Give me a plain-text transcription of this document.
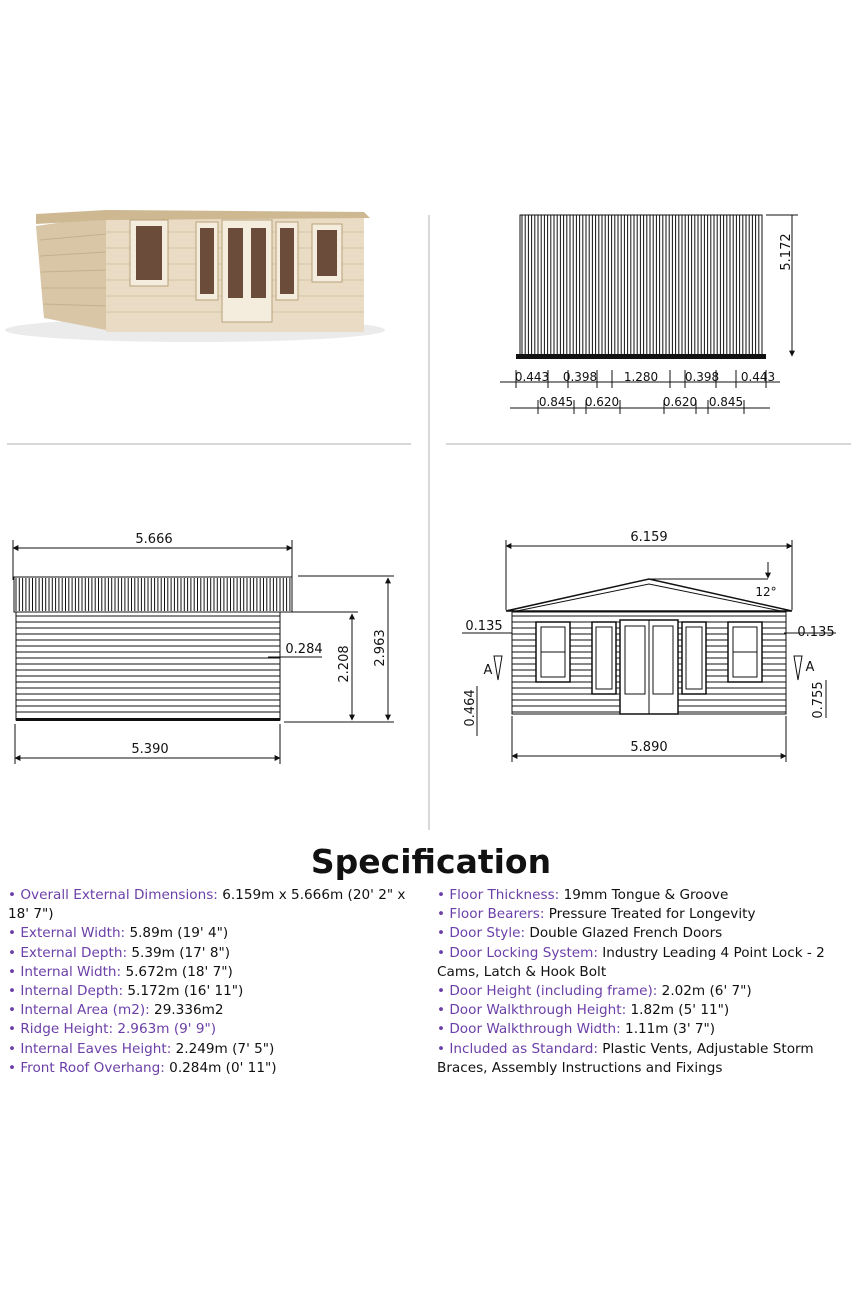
5.172
0.443 0.398 1.280 0.398 0.443
0.845 0.620	0.620 0.845
5.666
2.963
2.208
0.284
5.390
6.159
12°
0.135	0.135
A	A
0.464	0.755
5.890
Specification
• Overall External Dimensions: 6.159m x 5.666m (20' 2" x 18' 7")
• External Width: 5.89m (19' 4")
• External Depth: 5.39m (17' 8")
• Internal Width: 5.672m (18' 7")
• Internal Depth: 5.172m (16' 11")
• Internal Area (m2): 29.336m2
• Ridge Height: 2.963m (9' 9")
• Internal Eaves Height: 2.249m (7' 5")
• Front Roof Overhang: 0.284m (0' 11")
• Floor Thickness: 19mm Tongue & Groove
• Floor Bearers: Pressure Treated for Longevity
• Door Style: Double Glazed French Doors
• Door Locking System: Industry Leading 4 Point Lock - 2 Cams, Latch & Hook Bolt
• Door Height (including frame): 2.02m (6' 7")
• Door Walkthrough Height: 1.82m (5' 11")
• Door Walkthrough Width: 1.11m (3' 7")
• Included as Standard: Plastic Vents, Adjustable Storm Braces, Assembly Instructions and Fixings
